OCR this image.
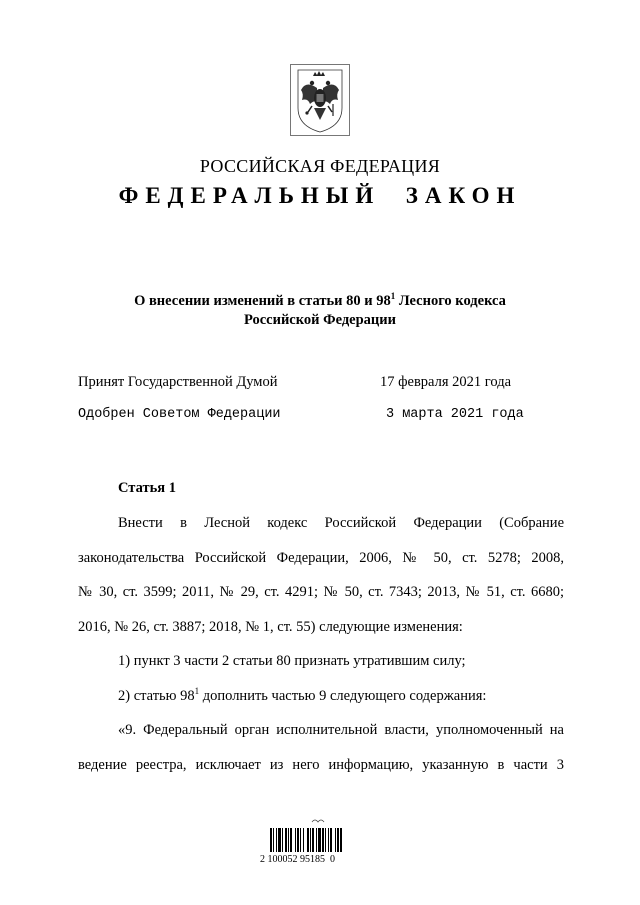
РОССИЙСКАЯ ФЕДЕРАЦИЯ
ФЕДЕРАЛЬНЫЙ  ЗАКОН
О внесении изменений в статьи 80 и $98^1$ Лесного кодекса
Российской Федерации
Принят Государственной Думой	17 февраля 2021 года
Одобрен Советом Федерации	3 марта 2021 года
Статья 1
Внести в Лесной кодекс Российской Федерации (Собрание
законодательства Российской Федерации, 2006, № 50, ст. 5278; 2008,
№ 30, ст. 3599; 2011, № 29, ст. 4291; № 50, ст. 7343; 2013, № 51, ст. 6680;
2016, № 26, ст. 3887; 2018, № 1, ст. 55) следующие изменения:
1) пункт 3 части 2 статьи 80 признать утратившим силу;
2) статью $98^1$ дополнить частью 9 следующего содержания:
«9. Федеральный орган исполнительной власти, уполномоченный на
ведение реестра, исключает из него информацию, указанную в части 3
2 100052 95185  0
